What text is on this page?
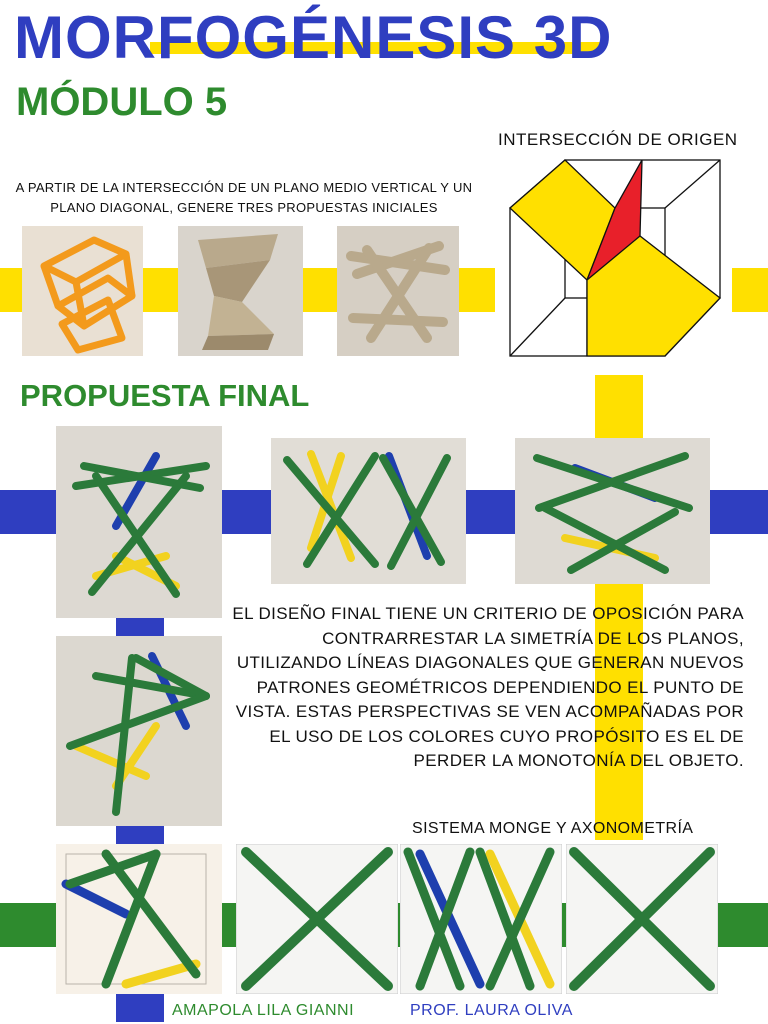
MORFOGÉNESIS 3D
MÓDULO 5
INTERSECCIÓN DE ORIGEN
A PARTIR DE LA INTERSECCIÓN DE UN PLANO MEDIO VERTICAL Y UN PLANO DIAGONAL, GENERE TRES PROPUESTAS INICIALES
PROPUESTA FINAL
EL DISEÑO FINAL TIENE UN CRITERIO DE OPOSICIÓN PARA CONTRARRESTAR LA SIMETRÍA DE LOS PLANOS, UTILIZANDO LÍNEAS DIAGONALES QUE GENERAN NUEVOS PATRONES GEOMÉTRICOS DEPENDIENDO EL PUNTO DE VISTA. ESTAS PERSPECTIVAS SE VEN ACOMPAÑADAS POR EL USO DE LOS COLORES CUYO PROPÓSITO ES EL DE PERDER LA MONOTONÍA DEL OBJETO.
SISTEMA MONGE Y AXONOMETRÍA
AMAPOLA LILA GIANNI	PROF. LAURA OLIVA
